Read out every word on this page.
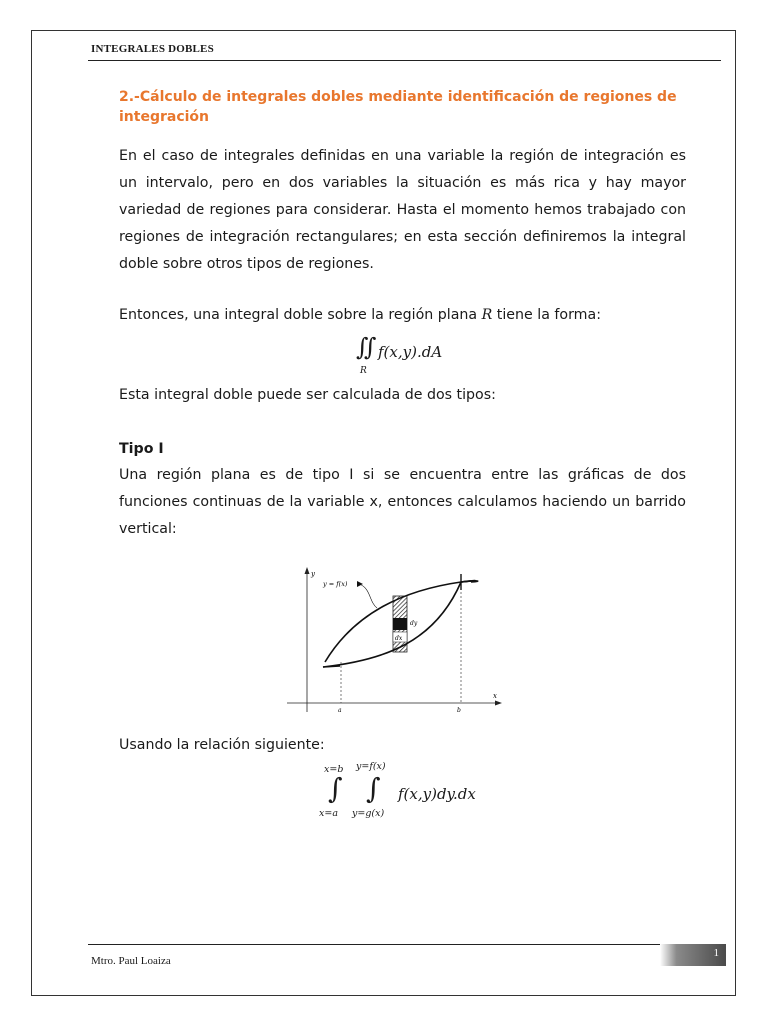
INTEGRALES DOBLES
2.-Cálculo de integrales dobles mediante identificación de regiones de integración
En el caso de integrales definidas en una variable la región de integración es un intervalo, pero en dos variables la situación es más rica y hay mayor variedad de regiones para considerar. Hasta el momento hemos trabajado con regiones de integración rectangulares; en esta sección definiremos la integral doble sobre otros tipos de regiones.
Entonces, una integral doble sobre la región plana R tiene la forma:
∬
R
f(x,y).dA
Esta integral doble puede ser calculada de dos tipos:
Tipo I
Una región plana es de tipo I si se encuentra entre las gráficas de dos funciones continuas de la variable x, entonces calculamos haciendo un barrido vertical:
y
x
dx
dy
a	b
y = f(x)
Usando la relación siguiente:
x=b
∫
x=a
y=f(x)
∫
y=g(x)
f(x,y)dy.dx
Mtro. Paul Loaiza
1
